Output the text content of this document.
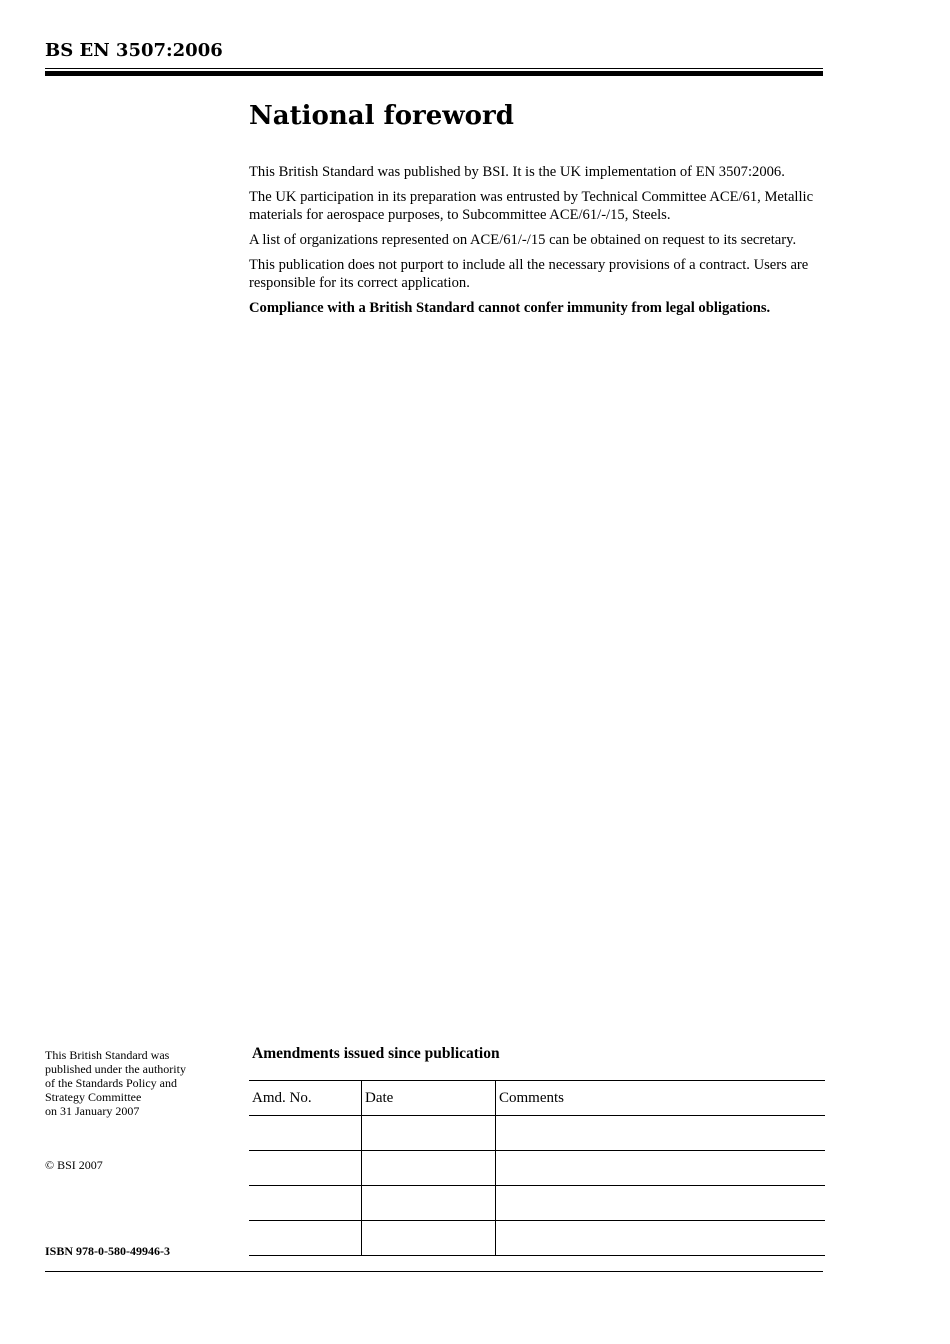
BS EN 3507:2006
National foreword

This British Standard was published by BSI. It is the UK implementation of EN 3507:2006.

The UK participation in its preparation was entrusted by Technical Committee ACE/61, Metallic materials for aerospace purposes, to Subcommittee ACE/61/-/15, Steels.

A list of organizations represented on ACE/61/-/15 can be obtained on request to its secretary.

This publication does not purport to include all the necessary provisions of a contract. Users are responsible for its correct application.

Compliance with a British Standard cannot confer immunity from legal obligations.

This British Standard was
published under the authority
of the Standards Policy and
Strategy Committee
on 31 January 2007
© BSI 2007
ISBN 978-0-580-49946-3
Amendments issued since publication
Amd. No.	Date	Comments
